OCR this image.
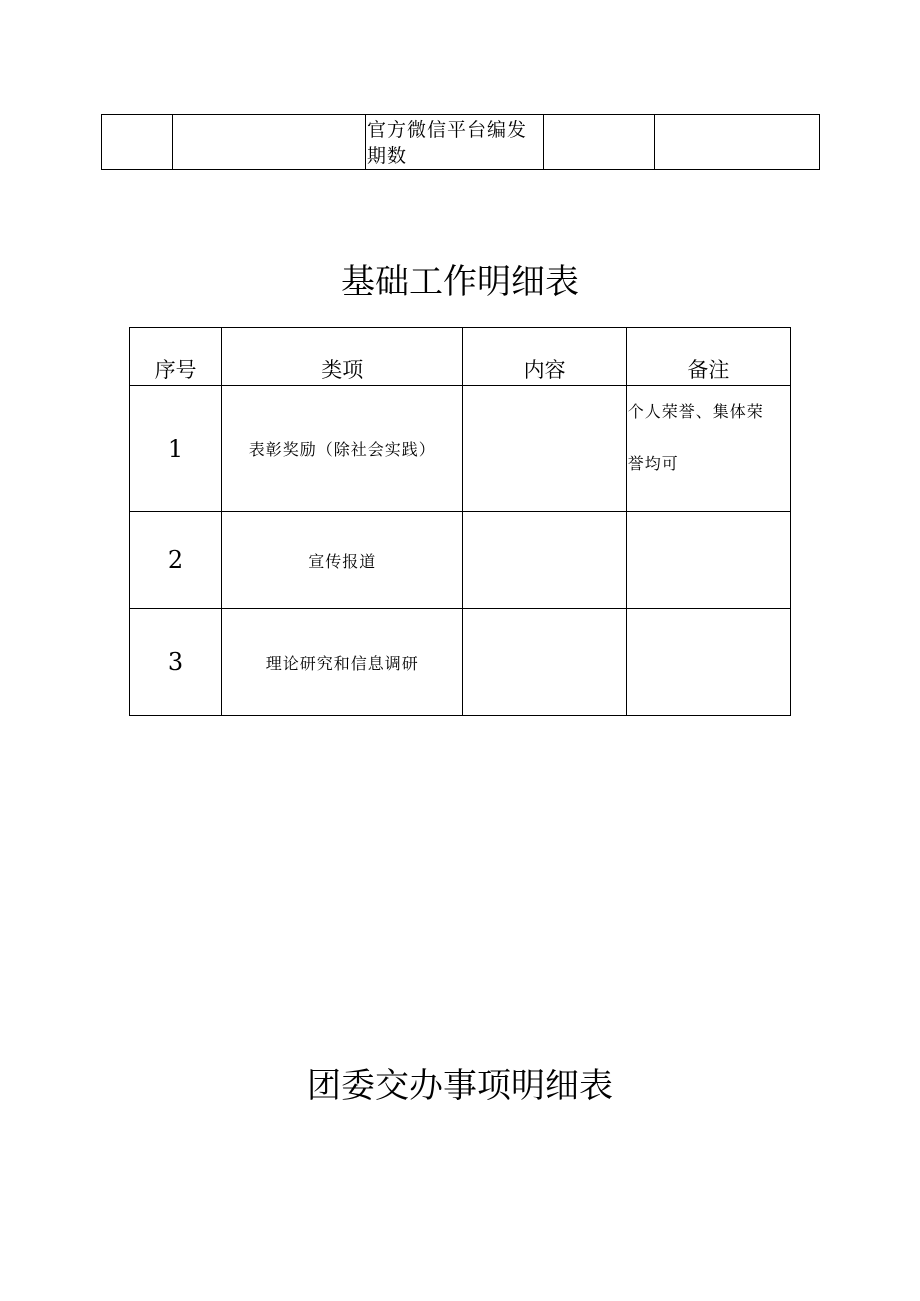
官方微信平台编发期数

基础工作明细表
序号	类项	内容	备注
1	表彰奖励（除社会实践）		个人荣誉、集体荣
誉均可

2	宣传报道		
3	理论研究和信息调研		
团委交办事项明细表
